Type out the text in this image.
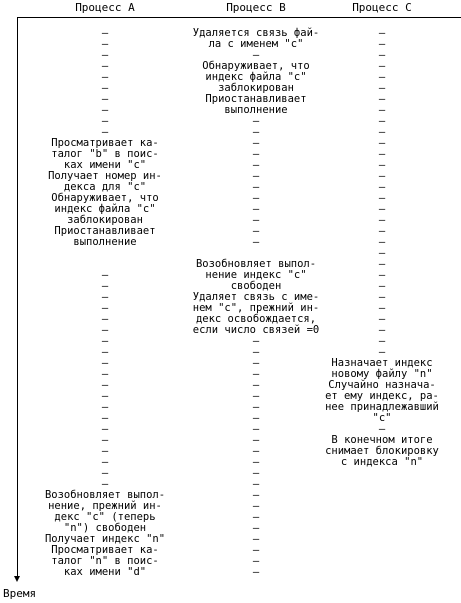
Процесс А	Процесс В	Процесс С
–
–
–
–
–
–
–
–
–
–
Просматривает ка-
талог "b" в поис-
ках имени "c"
Получает номер ин-
декса для "c"
Обнаруживает, что
индекс файла "c"
заблокирован
Приостанавливает
выполнение
–
–
–
–
–
–
–
–
–
–
–
–
–
–
–
–
–
–
–
–
Возобновляет выпол-
нение, прежний ин-
декс "c" (теперь
"n") свободен
Получает индекс "n"
Просматривает ка-
талог "n" в поис-
ках имени "d"
Удаляется связь фай-
ла с именем "c"
–
Обнаруживает, что
индекс файла "c"
заблокирован
Приостанавливает
выполнение
–
–
–
–
–
–
–
–
–
–
–
–
Возобновляет выпол-
нение индекс "c"
свободен
Удаляет связь с име-
нем "c", прежний ин-
декс освобождается,
если число связей =0
–
–
–
–
–
–
–
–
–
–
–
–
–
–
–
–
–
–
–
–
–
–
–
–
–
–
–
–
–
–
–
–
–
–
–
–
–
–
–
–
–
–
–
–
–
–
–
–
–
–
–
–
Назначает индекс
новому файлу "n"
Случайно назнача-
ет ему индекс, ра-
нее принадлежавший
"c"
–
В конечном итоге
снимает блокировку
с индекса "n"
Время
